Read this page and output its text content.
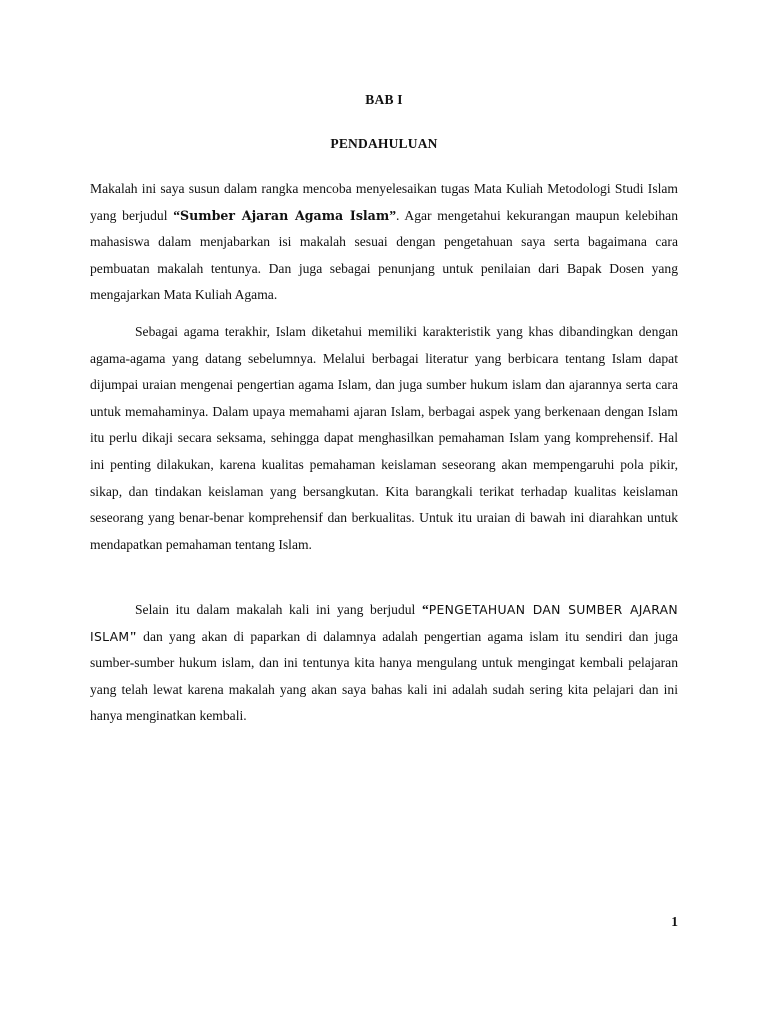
BAB I
PENDAHULUAN

Makalah ini saya susun dalam rangka mencoba menyelesaikan tugas Mata Kuliah Metodologi Studi Islam yang berjudul “Sumber Ajaran Agama Islam”. Agar mengetahui kekurangan maupun kelebihan mahasiswa dalam menjabarkan isi makalah sesuai dengan pengetahuan saya serta bagaimana cara pembuatan makalah tentunya. Dan juga sebagai penunjang untuk penilaian dari Bapak Dosen yang mengajarkan Mata Kuliah Agama.

Sebagai agama terakhir, Islam diketahui memiliki karakteristik yang khas dibandingkan dengan agama-agama yang datang sebelumnya. Melalui berbagai literatur yang berbicara tentang Islam dapat dijumpai uraian mengenai pengertian agama Islam, dan juga sumber hukum islam dan ajarannya serta cara untuk memahaminya. Dalam upaya memahami ajaran Islam, berbagai aspek yang berkenaan dengan Islam itu perlu dikaji secara seksama, sehingga dapat menghasilkan pemahaman Islam yang komprehensif. Hal ini penting dilakukan, karena kualitas pemahaman keislaman seseorang akan mempengaruhi pola pikir, sikap, dan tindakan keislaman yang bersangkutan. Kita barangkali terikat terhadap kualitas keislaman seseorang yang benar-benar komprehensif dan berkualitas. Untuk itu uraian di bawah ini diarahkan untuk mendapatkan pemahaman tentang Islam.

Selain itu dalam makalah kali ini yang berjudul “PENGETAHUAN DAN SUMBER AJARAN ISLAM" dan yang akan di paparkan di dalamnya adalah pengertian agama islam itu sendiri dan juga sumber-sumber hukum islam, dan ini tentunya kita hanya mengulang untuk mengingat kembali pelajaran yang telah lewat karena makalah yang akan saya bahas kali ini adalah sudah sering kita pelajari dan ini hanya menginatkan kembali.

1
